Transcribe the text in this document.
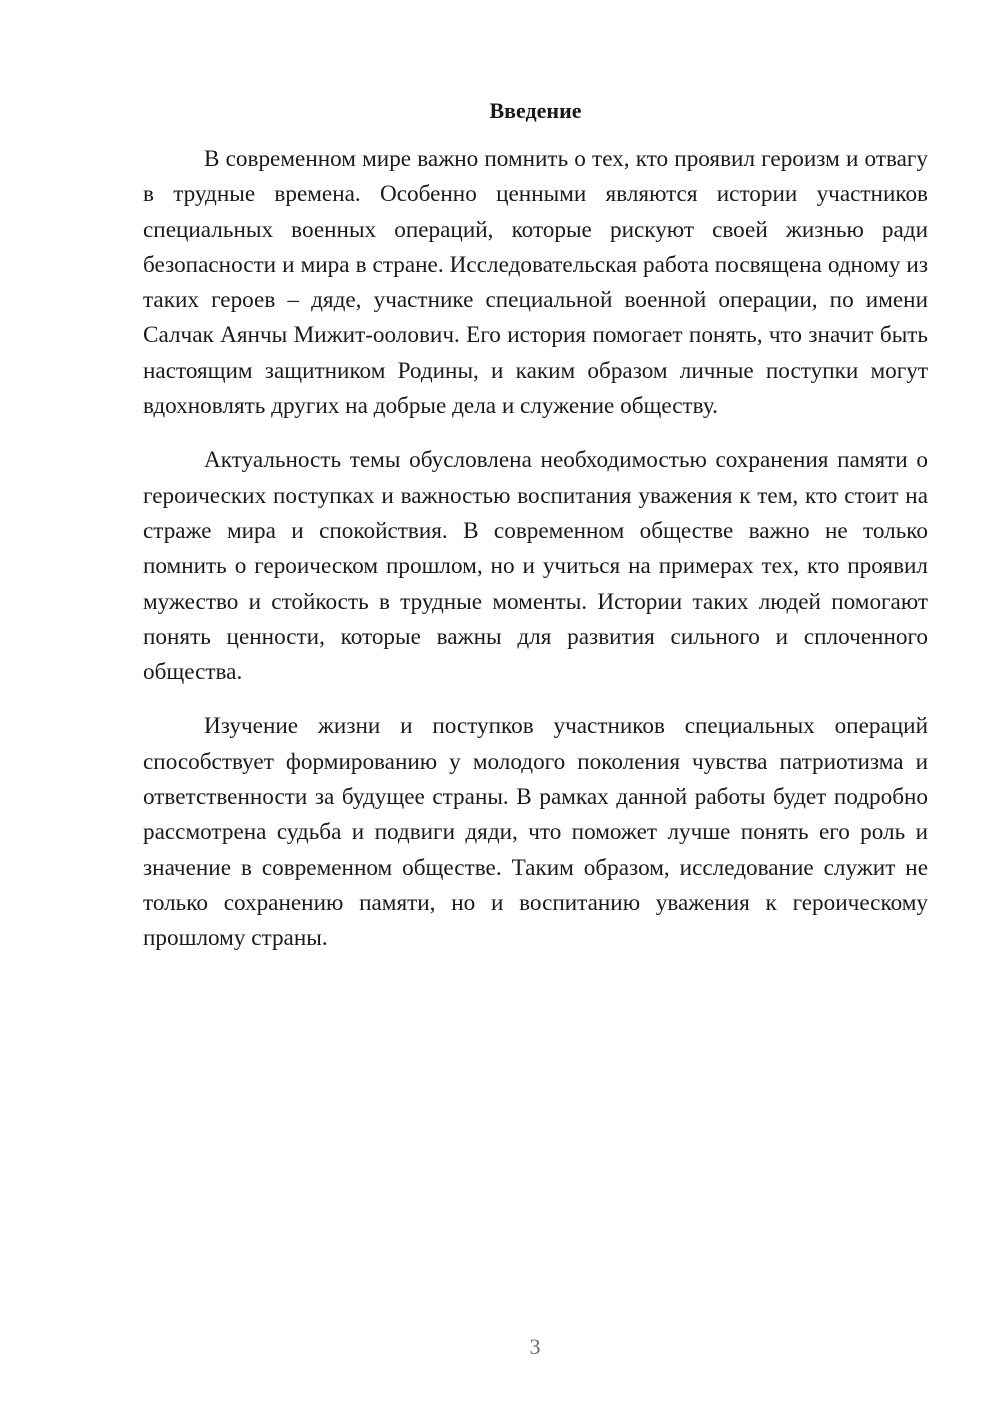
Введение

В современном мире важно помнить о тех, кто проявил героизм и отвагу в трудные времена. Особенно ценными являются истории участников специальных военных операций, которые рискуют своей жизнью ради безопасности и мира в стране. Исследовательская работа посвящена одному из таких героев – дяде, участнике специальной военной операции, по имени Салчак Аянчы Мижит-оолович. Его история помогает понять, что значит быть настоящим защитником Родины, и каким образом личные поступки могут вдохновлять других на добрые дела и служение обществу.

Актуальность темы обусловлена необходимостью сохранения памяти о героических поступках и важностью воспитания уважения к тем, кто стоит на страже мира и спокойствия. В современном обществе важно не только помнить о героическом прошлом, но и учиться на примерах тех, кто проявил мужество и стойкость в трудные моменты. Истории таких людей помогают понять ценности, которые важны для развития сильного и сплоченного общества.

Изучение жизни и поступков участников специальных операций способствует формированию у молодого поколения чувства патриотизма и ответственности за будущее страны. В рамках данной работы будет подробно рассмотрена судьба и подвиги дяди, что поможет лучше понять его роль и значение в современном обществе. Таким образом, исследование служит не только сохранению памяти, но и воспитанию уважения к героическому прошлому страны.

3
